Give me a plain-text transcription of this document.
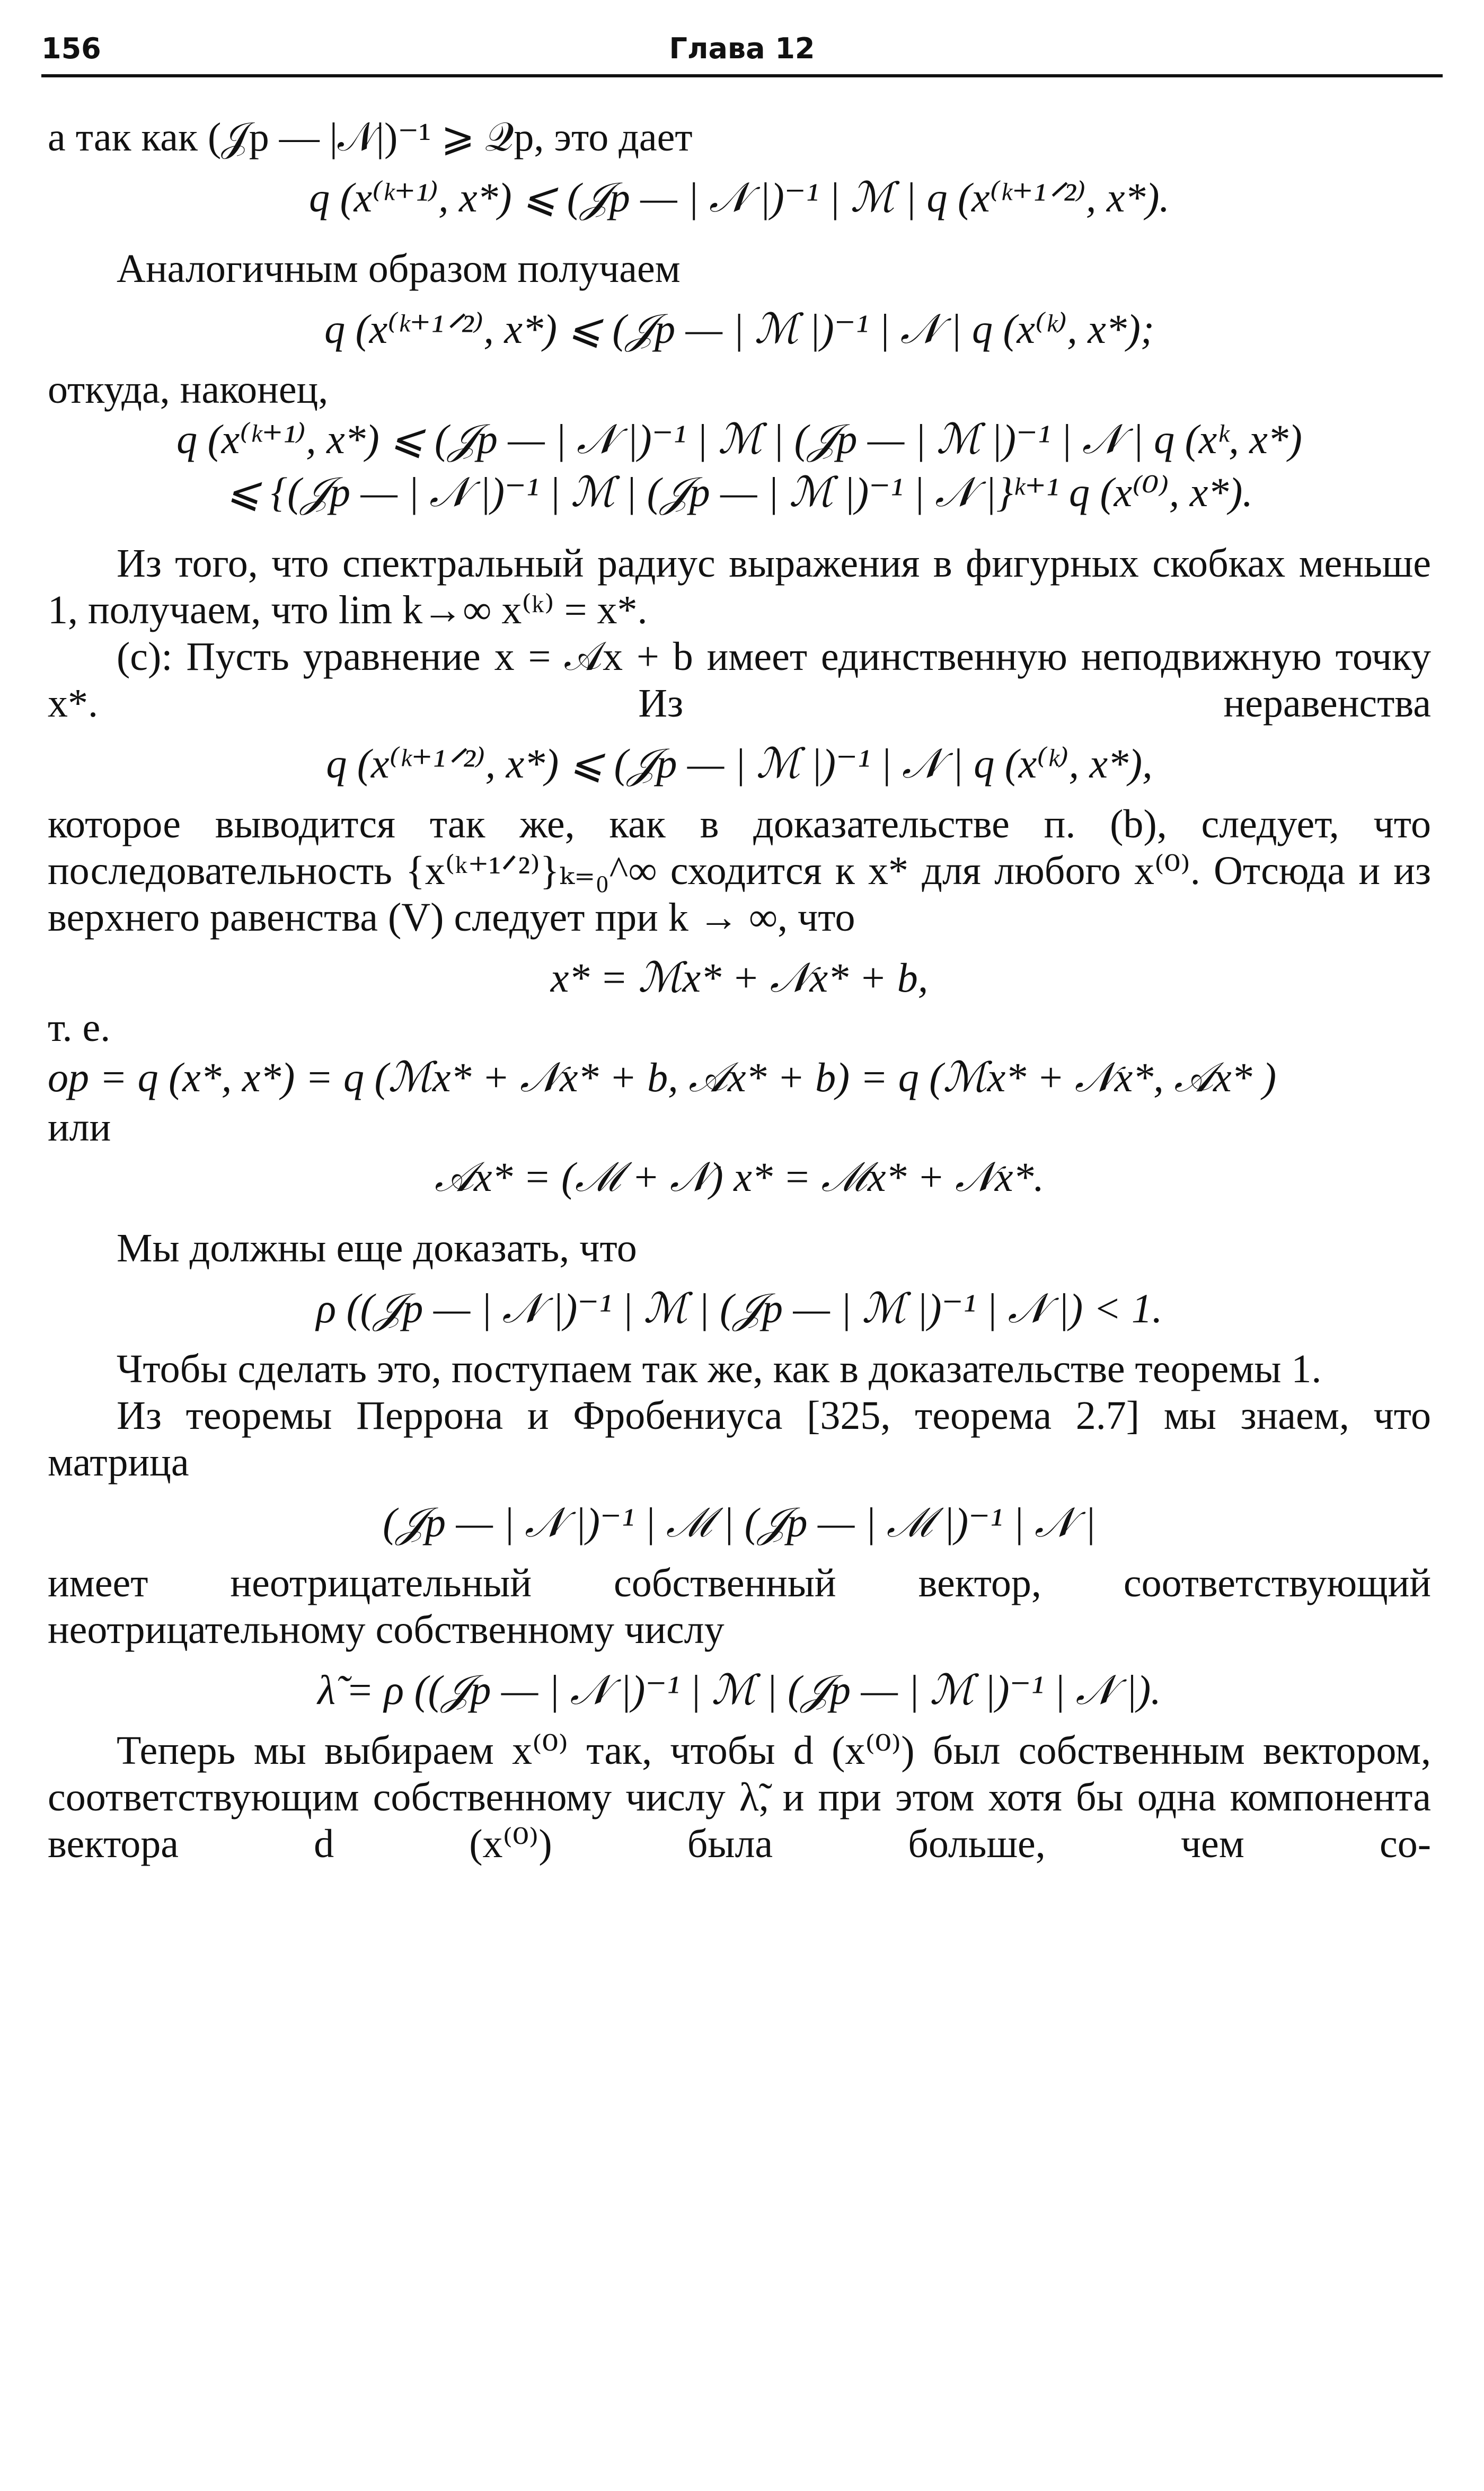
156	Глава 12

а так как (𝒥p — |𝒩|)⁻¹ ⩾ 𝒬p, это дает

q (x⁽ᵏ⁺¹⁾, x*) ⩽ (𝒥p — | 𝒩 |)⁻¹ | ℳ | q (x⁽ᵏ⁺¹ᐟ²⁾, x*).

Аналогичным образом получаем

q (x⁽ᵏ⁺¹ᐟ²⁾, x*) ⩽ (𝒥p — | ℳ |)⁻¹ | 𝒩 | q (x⁽ᵏ⁾, x*);

откуда, наконец,

q (x⁽ᵏ⁺¹⁾, x*) ⩽ (𝒥p — | 𝒩 |)⁻¹ | ℳ | (𝒥p — | ℳ |)⁻¹ | 𝒩 | q (xᵏ, x*)

⩽ {(𝒥p — | 𝒩 |)⁻¹ | ℳ | (𝒥p — | ℳ |)⁻¹ | 𝒩 |}ᵏ⁺¹ q (x⁽⁰⁾, x*).

Из того, что спектральный радиус выражения в фигурных скобках меньше 1, получаем, что lim k→∞ x⁽ᵏ⁾ = x*.

(c): Пусть уравнение x = 𝒜x + b имеет единственную неподвижную точку x*. Из неравенства

q (x⁽ᵏ⁺¹ᐟ²⁾, x*) ⩽ (𝒥p — | ℳ |)⁻¹ | 𝒩 | q (x⁽ᵏ⁾, x*),

которое выводится так же, как в доказательстве п. (b), следует, что последовательность {x⁽ᵏ⁺¹ᐟ²⁾}ₖ₌₀^∞ сходится к x* для любого x⁽⁰⁾. Отсюда и из верхнего равенства (V) следует при k → ∞, что

x* = ℳx* + 𝒩x* + b,

т. е.

op = q (x*, x*) = q (ℳx* + 𝒩x* + b, 𝒜x* + b) = q (ℳx* + 𝒩x*, 𝒜x* )

или

𝒜x* = (ℳ + 𝒩) x* = ℳx* + 𝒩x*.

Мы должны еще доказать, что

ρ ((𝒥p — | 𝒩 |)⁻¹ | ℳ | (𝒥p — | ℳ |)⁻¹ | 𝒩 |) < 1.

Чтобы сделать это, поступаем так же, как в доказательстве теоремы 1.

Из теоремы Перрона и Фробениуса [325, теорема 2.7] мы знаем, что матрица

(𝒥p — | 𝒩 |)⁻¹ | ℳ | (𝒥p — | ℳ |)⁻¹ | 𝒩 |

имеет неотрицательный собственный вектор, соответствующий неотрицательному собственному числу

λ̃ = ρ ((𝒥p — | 𝒩 |)⁻¹ | ℳ | (𝒥p — | ℳ |)⁻¹ | 𝒩 |).

Теперь мы выбираем x⁽⁰⁾ так, чтобы d (x⁽⁰⁾) был собственным вектором, соответствующим собственному числу λ̃, и при этом хотя бы одна компонента вектора d (x⁽⁰⁾) была больше, чем со-
